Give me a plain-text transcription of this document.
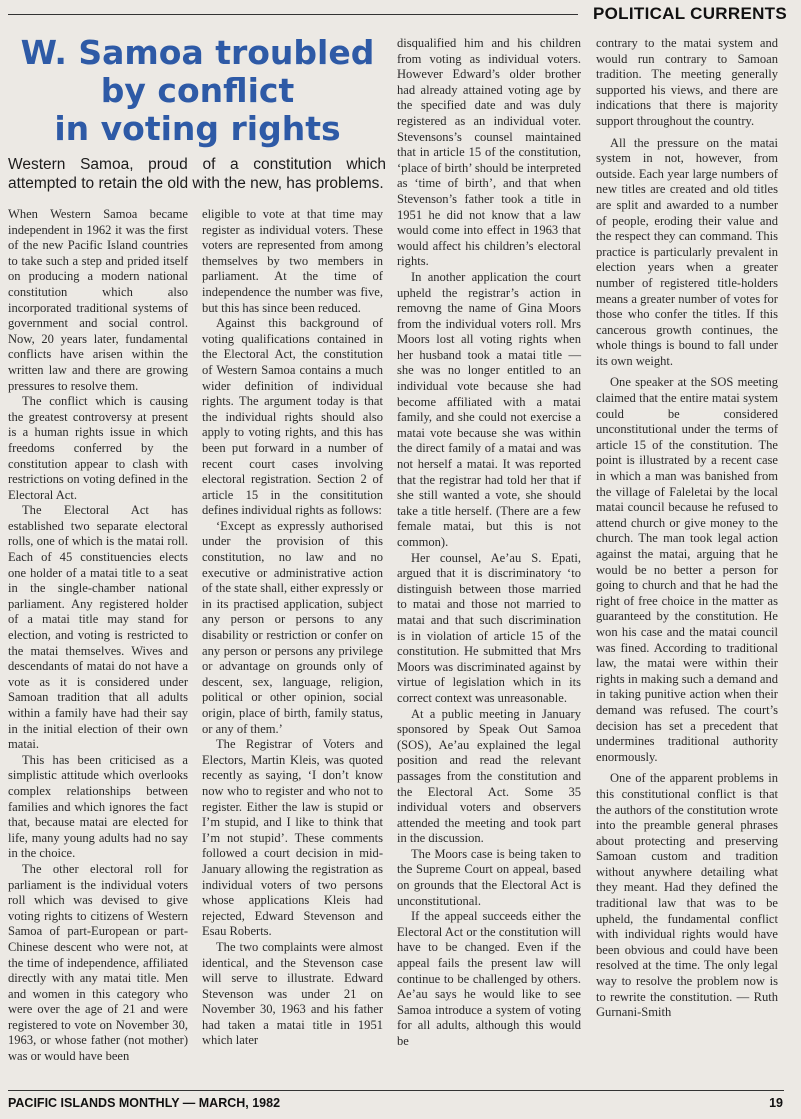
POLITICAL CURRENTS
W. Samoa troubled
by conflict
in voting rights
Western Samoa, proud of a constitution which attempted to retain the old with the new, has problems.

When Western Samoa became independent in 1962 it was the first of the new Pacific Island countries to take such a step and prided itself on producing a modern national constitution which also incorporated traditional systems of government and social control. Now, 20 years later, fundamental conflicts have arisen within the written law and there are growing pressures to resolve them.

The conflict which is causing the greatest controversy at present is a human rights issue in which freedoms conferred by the constitution appear to clash with restrictions on voting defined in the Electoral Act.

The Electoral Act has established two separate electoral rolls, one of which is the matai roll. Each of 45 constituencies elects one holder of a matai title to a seat in the single-chamber national parliament. Any registered holder of a matai title may stand for election, and voting is restricted to the matai themselves. Wives and descendants of matai do not have a vote as it is considered under Samoan tradition that all adults within a family have had their say in the initial election of their own matai.

This has been criticised as a simplistic attitude which overlooks complex relationships between families and which ignores the fact that, because matai are elected for life, many young adults had no say in the choice.

The other electoral roll for parliament is the individual voters roll which was devised to give voting rights to citizens of Western Samoa of part-European or part-Chinese descent who were not, at the time of independence, affiliated directly with any matai title. Men and women in this category who were over the age of 21 and were registered to vote on November 30, 1963, or whose father (not mother) was or would have been

eligible to vote at that time may register as individual voters. These voters are represented from among themselves by two members in parliament. At the time of independence the number was five, but this has since been reduced.

Against this background of voting qualifications contained in the Electoral Act, the constitution of Western Samoa contains a much wider definition of individual rights. The argument today is that the individual rights should also apply to voting rights, and this has been put forward in a number of recent court cases involving electoral registration. Section 2 of article 15 in the consititution defines individual rights as follows:

‘Except as expressly authorised under the provision of this constitution, no law and no executive or administrative action of the state shall, either expressly or in its practised application, subject any person or persons to any disability or restriction or confer on any person or persons any privilege or advantage on grounds only of descent, sex, language, religion, political or other opinion, social origin, place of birth, family status, or any of them.’

The Registrar of Voters and Electors, Martin Kleis, was quoted recently as saying, ‘I don’t know now who to register and who not to register. Either the law is stupid or I’m stupid, and I like to think that I’m not stupid’. These comments followed a court decision in mid-January allowing the registration as individual voters of two persons whose applications Kleis had rejected, Edward Stevenson and Esau Roberts.

The two complaints were almost identical, and the Stevenson case will serve to illustrate. Edward Stevenson was under 21 on November 30, 1963 and his father had taken a matai title in 1951 which later

disqualified him and his children from voting as individual voters. However Edward’s older brother had already attained voting age by the specified date and was duly registered as an individual voter. Stevensons’s counsel maintained that in article 15 of the constitution, ‘place of birth’ should be interpreted as ‘time of birth’, and that when Stevenson’s father took a title in 1951 he did not know that a law would come into effect in 1963 that would affect his children’s electoral rights.

In another application the court upheld the registrar’s action in removng the name of Gina Moors from the individual voters roll. Mrs Moors lost all voting rights when her husband took a matai title — she was no longer entitled to an individual vote because she had become affiliated with a matai family, and she could not exercise a matai vote because she was within the direct family of a matai and was not herself a matai. It was reported that the registrar had told her that if she still wanted a vote, she should take a title herself. (There are a few female matai, but this is not common).

Her counsel, Ae’au S. Epati, argued that it is discriminatory ‘to distinguish between those married to matai and those not married to matai and that such discrimination is in violation of article 15 of the constitution. He submitted that Mrs Moors was discriminated against by virtue of legislation which in its correct context was unreasonable.

At a public meeting in January sponsored by Speak Out Samoa (SOS), Ae’au explained the legal position and read the relevant passages from the constitution and the Electoral Act. Some 35 individual voters and observers attended the meeting and took part in the discussion.

The Moors case is being taken to the Supreme Court on appeal, based on grounds that the Electoral Act is unconstitutional.

If the appeal succeeds either the Electoral Act or the constitution will have to be changed. Even if the appeal fails the present law will continue to be challenged by others. Ae’au says he would like to see Samoa introduce a system of voting for all adults, although this would be

contrary to the matai system and would run contrary to Samoan tradition. The meeting generally supported his views, and there are indications that there is majority support throughout the country.

All the pressure on the matai system in not, however, from outside. Each year large numbers of new titles are created and old titles are split and awarded to a number of people, eroding their value and the respect they can command. This practice is particularly prevalent in election years when a greater number of registered title-holders means a greater number of votes for those who confer the titles. If this cancerous growth continues, the whole things is bound to fall under its own weight.

One speaker at the SOS meeting claimed that the entire matai system could be considered unconstitutional under the terms of article 15 of the constitution. The point is illustrated by a recent case in which a man was banished from the village of Faleletai by the local matai council because he refused to attend church or give money to the church. The man took legal action against the matai, arguing that he would be no better a person for going to church and that he had the right of free choice in the matter as guaranteed by the constitution. He won his case and the matai council was fined. According to traditional law, the matai were within their rights in making such a demand and in taking punitive action when their demand was refused. The court’s decision has set a precedent that undermines traditional authority enormously.

One of the apparent problems in this constitutional conflict is that the authors of the constitution wrote into the preamble general phrases about protecting and preserving Samoan custom and tradition without anywhere detailing what they meant. Had they defined the traditional law that was to be upheld, the fundamental conflict with individual rights would have been obvious and could have been resolved at the time. The only legal way to resolve the problem now is to rewrite the constitution. — Ruth Gurnani-Smith

PACIFIC ISLANDS MONTHLY — MARCH, 1982	19
